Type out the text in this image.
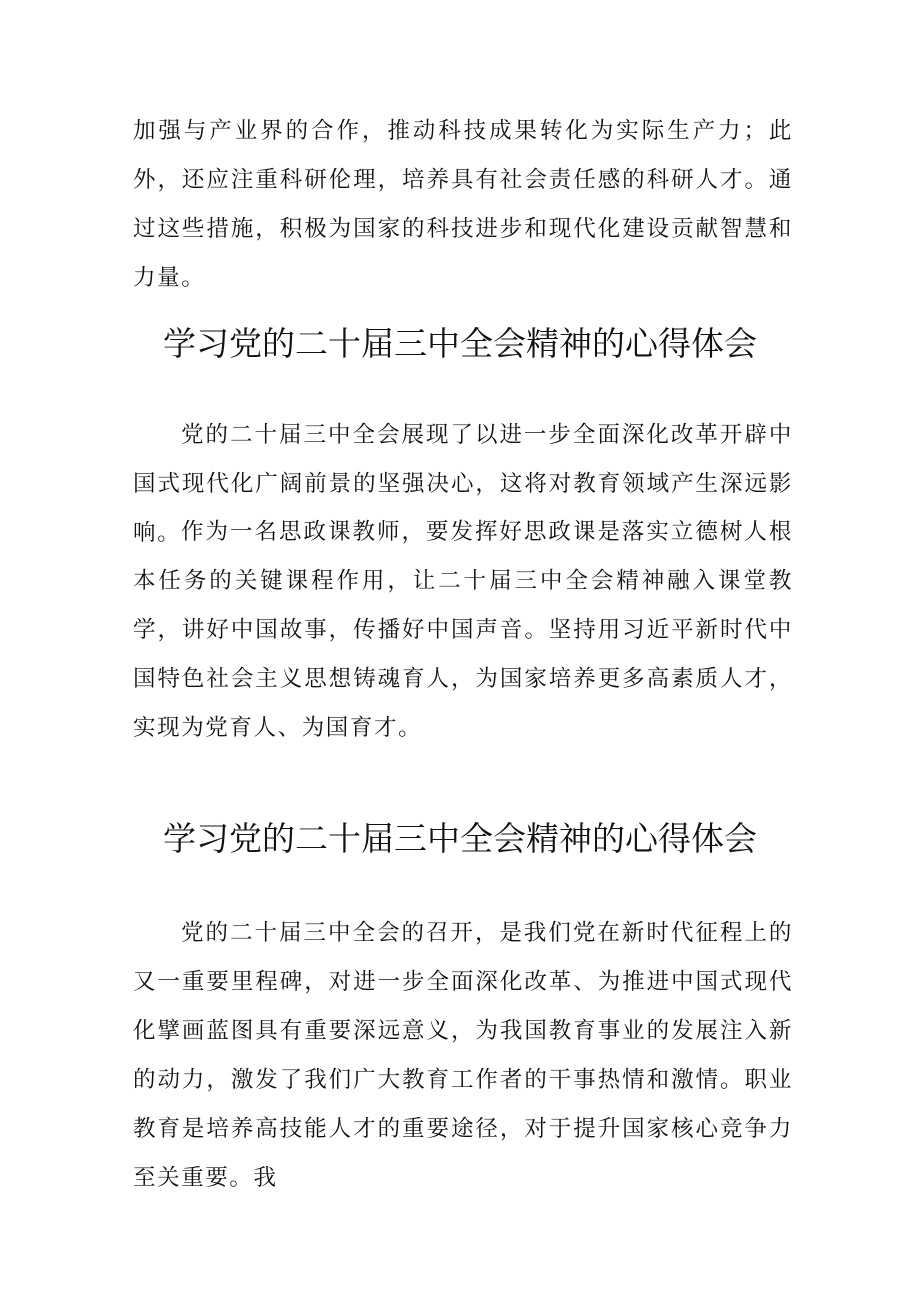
加强与产业界的合作，推动科技成果转化为实际生产力；此外，还应注重科研伦理，培养具有社会责任感的科研人才。通过这些措施，积极为国家的科技进步和现代化建设贡献智慧和力量。

学习党的二十届三中全会精神的心得体会

党的二十届三中全会展现了以进一步全面深化改革开辟中国式现代化广阔前景的坚强决心，这将对教育领域产生深远影响。 作为一名思政课教师，要发挥好思政课是落实立德树人根本任务的关键课程作用，让二十届三中全会精神融入课堂教学，讲好中国故事，传播好中国声音。坚持用习近平新时代中国特色社会主义思想铸魂育人，为国家培养更多高素质人才，实现为党育人、为国育才。

学习党的二十届三中全会精神的心得体会

党的二十届三中全会的召开，是我们党在新时代征程上的又一重要里程碑，对进一步全面深化改革、为推进中国式现代化擘画蓝图具有重要深远意义，为我国教育事业的发展注入新的动力，激发了我们广大教育工作者的干事热情和激情。职业教育是培养高技能人才的重要途径，对于提升国家核心竞争力至关重要。我
